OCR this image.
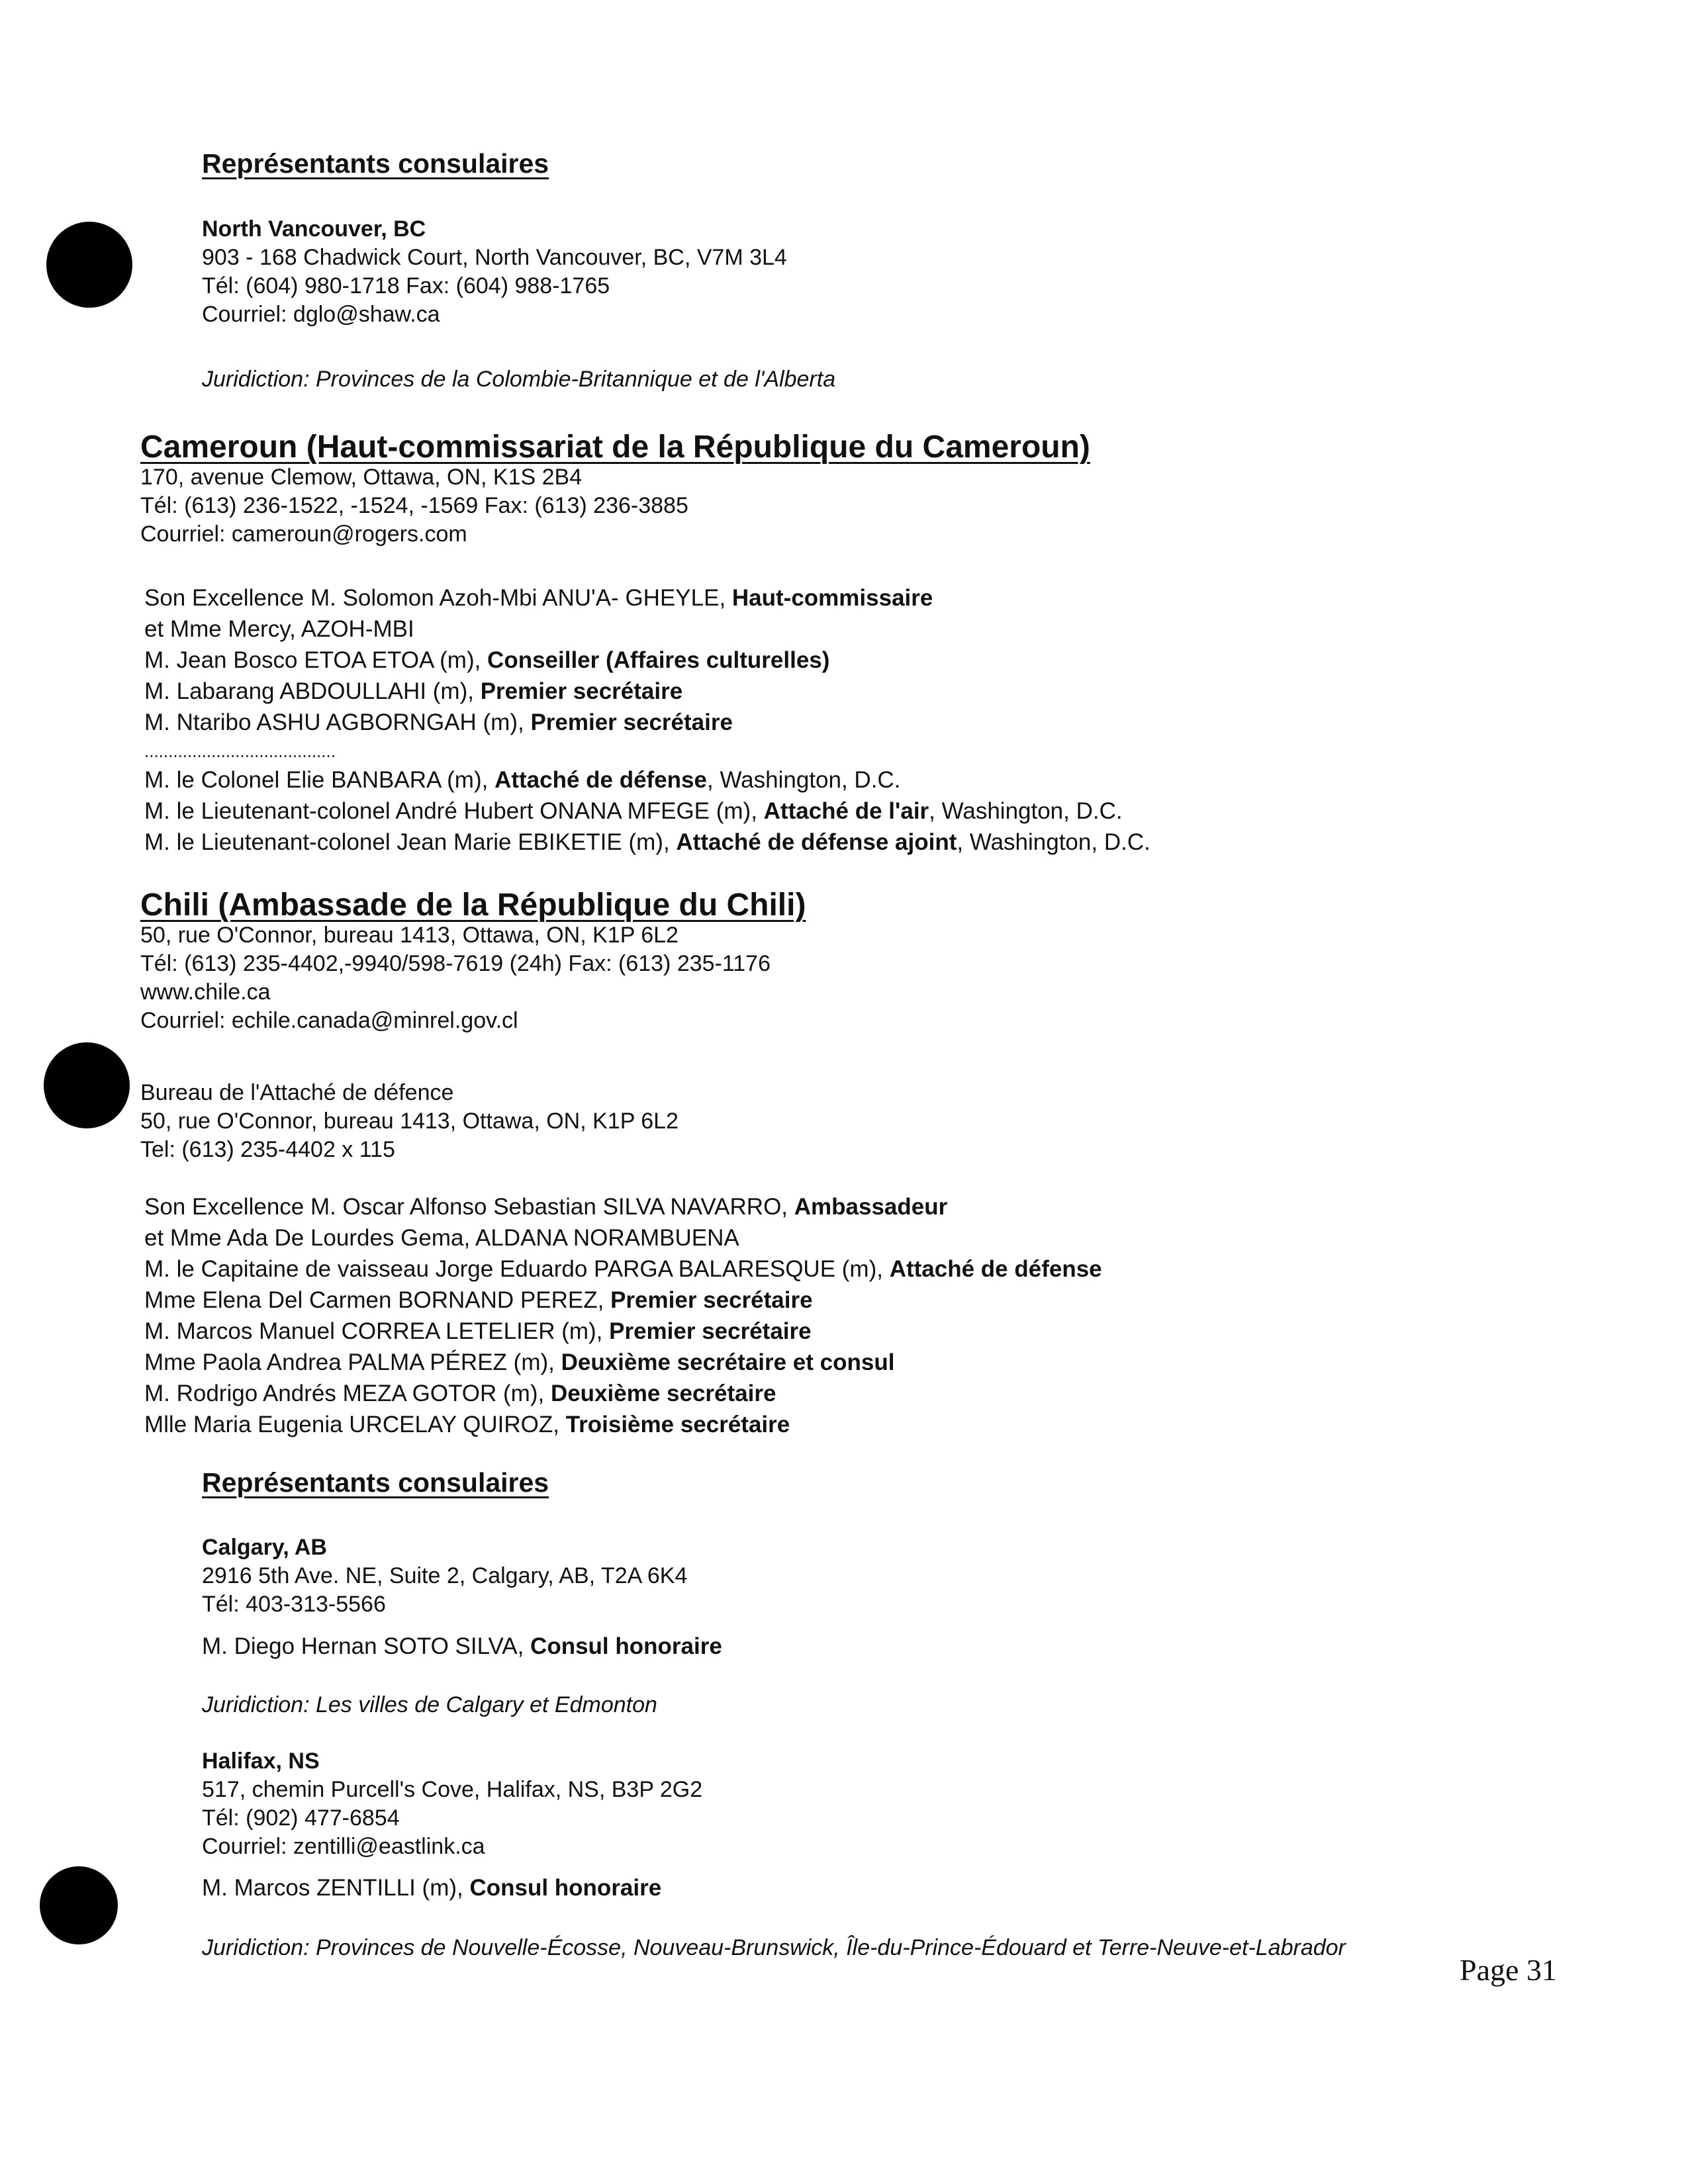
Représentants consulaires
North Vancouver, BC
903 - 168 Chadwick Court, North Vancouver, BC, V7M 3L4
Tél: (604) 980-1718 Fax: (604) 988-1765
Courriel: dglo@shaw.ca
Juridiction: Provinces de la Colombie-Britannique et de l'Alberta
Cameroun (Haut-commissariat de la République du Cameroun)
170, avenue Clemow, Ottawa, ON, K1S 2B4
Tél: (613) 236-1522, -1524, -1569 Fax: (613) 236-3885
Courriel: cameroun@rogers.com
Son Excellence M. Solomon Azoh-Mbi ANU'A- GHEYLE, Haut-commissaire
et Mme Mercy, AZOH-MBI
M. Jean Bosco ETOA ETOA (m), Conseiller (Affaires culturelles)
M. Labarang ABDOULLAHI (m), Premier secrétaire
M. Ntaribo ASHU AGBORNGAH (m), Premier secrétaire
........................................
M. le Colonel Elie BANBARA (m), Attaché de défense, Washington, D.C.
M. le Lieutenant-colonel André Hubert ONANA MFEGE (m), Attaché de l'air, Washington, D.C.
M. le Lieutenant-colonel Jean Marie EBIKETIE (m), Attaché de défense ajoint, Washington, D.C.
Chili (Ambassade de la République du Chili)
50, rue O'Connor, bureau 1413, Ottawa, ON, K1P 6L2
Tél: (613) 235-4402,-9940/598-7619 (24h) Fax: (613) 235-1176
www.chile.ca
Courriel: echile.canada@minrel.gov.cl
Bureau de l'Attaché de défence
50, rue O'Connor, bureau 1413, Ottawa, ON, K1P 6L2
Tel: (613) 235-4402 x 115
Son Excellence M. Oscar Alfonso Sebastian SILVA NAVARRO, Ambassadeur
et Mme Ada De Lourdes Gema, ALDANA NORAMBUENA
M. le Capitaine de vaisseau Jorge Eduardo PARGA BALARESQUE (m), Attaché de défense
Mme Elena Del Carmen BORNAND PEREZ, Premier secrétaire
M. Marcos Manuel CORREA LETELIER (m), Premier secrétaire
Mme Paola Andrea PALMA PÉREZ (m), Deuxième secrétaire et consul
M. Rodrigo Andrés MEZA GOTOR (m), Deuxième secrétaire
Mlle Maria Eugenia URCELAY QUIROZ, Troisième secrétaire
Représentants consulaires
Calgary, AB
2916 5th Ave. NE, Suite 2, Calgary, AB, T2A 6K4
Tél: 403-313-5566
M. Diego Hernan SOTO SILVA, Consul honoraire
Juridiction: Les villes de Calgary et Edmonton
Halifax, NS
517, chemin Purcell's Cove, Halifax, NS, B3P 2G2
Tél: (902) 477-6854
Courriel: zentilli@eastlink.ca
M. Marcos ZENTILLI (m), Consul honoraire
Juridiction: Provinces de Nouvelle-Écosse, Nouveau-Brunswick, Île-du-Prince-Édouard et Terre-Neuve-et-Labrador
Page 31
